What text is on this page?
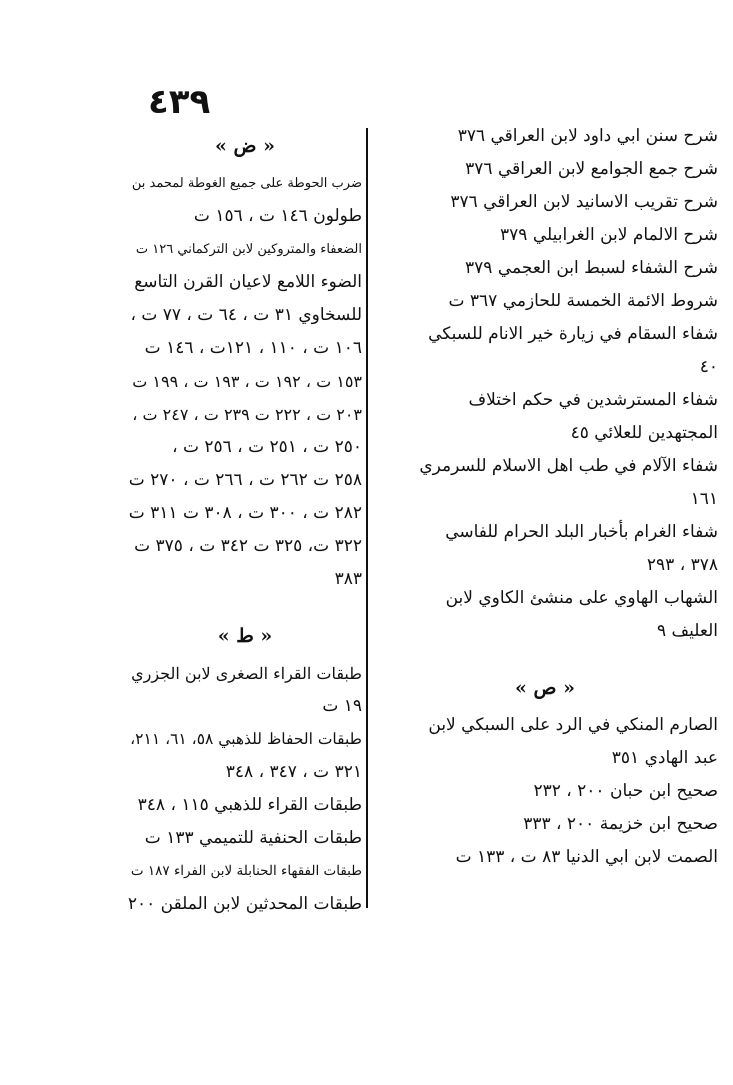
٤٣٩
شرح سنن ابي داود لابن العراقي ٣٧٦
شرح جمع الجوامع لابن العراقي ٣٧٦
شرح تقريب الاسانيد لابن العراقي ٣٧٦
شرح الالمام لابن الغرابيلي ٣٧٩
شرح الشفاء لسبط ابن العجمي ٣٧٩
شروط الائمة الخمسة للحازمي ٣٦٧ ت
شفاء السقام في زيارة خير الانام للسبكي
٤٠
شفاء المسترشدين في حكم اختلاف
المجتهدين للعلائي ٤٥
شفاء الآلام في طب اهل الاسلام للسرمري
١٦١
شفاء الغرام بأخبار البلد الحرام للفاسي
٣٧٨ ، ٢٩٣
الشهاب الهاوي على منشئ الكاوي لابن
العليف ٩
« ص »
الصارم المنكي في الرد على السبكي لابن
عبد الهادي ٣٥١
صحيح ابن حبان ٢٠٠ ، ٢٣٢
صحيح ابن خزيمة ٢٠٠ ، ٣٣٣
الصمت لابن ابي الدنيا ٨٣ ت ، ١٣٣ ت
« ض »
ضرب الحوطة على جميع الغوطة لمحمد بن
طولون ١٤٦ ت ، ١٥٦ ت
الضعفاء والمتروكين لابن التركماني ١٢٦ ت
الضوء اللامع لاعيان القرن التاسع
للسخاوي ٣١ ت ، ٦٤ ت ، ٧٧ ت ،
١٠٦ ت ، ١١٠ ، ١٢١ت ، ١٤٦ ت
١٥٣ ت ، ١٩٢ ت ، ١٩٣ ت ، ١٩٩ ت
٢٠٣ ت ، ٢٢٢ ت ٢٣٩ ت ، ٢٤٧ ت ،
٢٥٠ ت ، ٢٥١ ت ، ٢٥٦ ت ،
٢٥٨ ت ٢٦٢ ت ، ٢٦٦ ت ، ٢٧٠ ت
٢٨٢ ت ، ٣٠٠ ت ، ٣٠٨ ت ٣١١ ت
٣٢٢ ت، ٣٢٥ ت ٣٤٢ ت ، ٣٧٥ ت
٣٨٣
« ط »
طبقات القراء الصغرى لابن الجزري
١٩ ت
طبقات الحفاظ للذهبي ٥٨، ٦١، ٢١١،
٣٢١ ت ، ٣٤٧ ، ٣٤٨
طبقات القراء للذهبي ١١٥ ، ٣٤٨
طبقات الحنفية للتميمي ١٣٣ ت
طبقات الفقهاء الحنابلة لابن الفراء ١٨٧ ت
طبقات المحدثين لابن الملقن ٢٠٠
